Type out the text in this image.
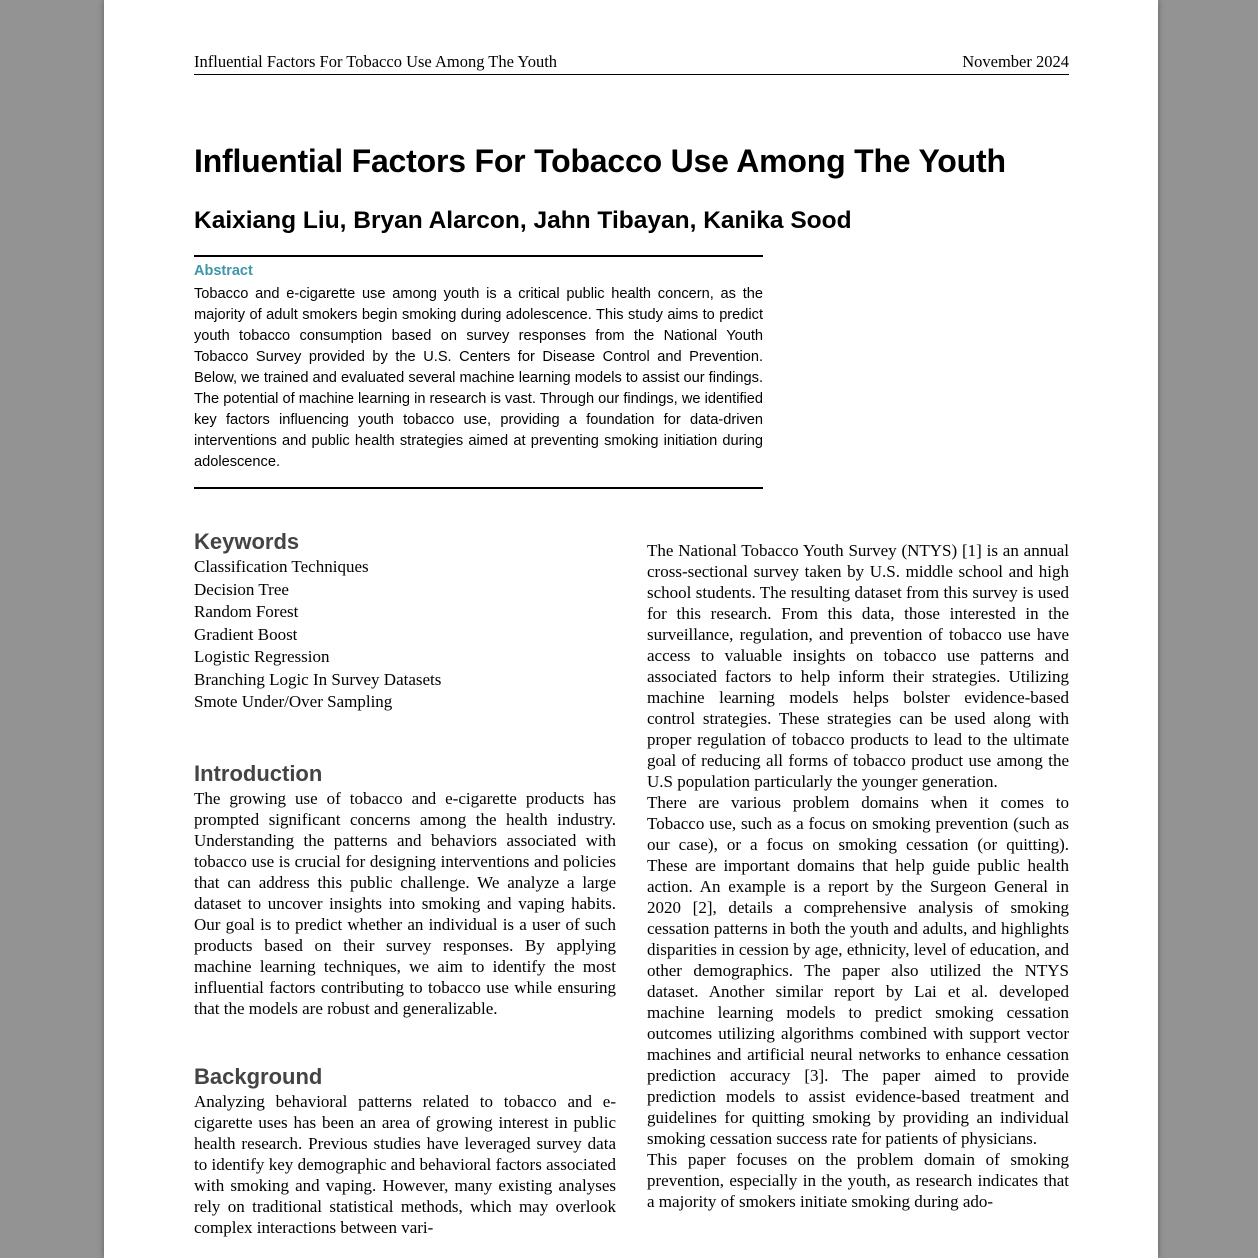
Influential Factors For Tobacco Use Among The Youth	November 2024
Influential Factors For Tobacco Use Among The Youth
Kaixiang Liu, Bryan Alarcon, Jahn Tibayan, Kanika Sood
Abstract

Tobacco and e-cigarette use among youth is a critical public health concern, as the majority of adult smokers begin smoking during adolescence. This study aims to predict youth tobacco consumption based on survey responses from the National Youth Tobacco Survey provided by the U.S. Centers for Disease Control and Prevention. Below, we trained and evaluated several machine learning models to assist our findings. The potential of machine learning in research is vast. Through our findings, we identified key factors influencing youth tobacco use, providing a foundation for data-driven interventions and public health strategies aimed at preventing smoking initiation during adolescence.

Keywords
Classification Techniques
Decision Tree
Random Forest
Gradient Boost
Logistic Regression
Branching Logic In Survey Datasets
Smote Under/Over Sampling
Introduction

The growing use of tobacco and e-cigarette products has prompted significant concerns among the health industry. Understanding the patterns and behaviors associated with tobacco use is crucial for designing interventions and policies that can address this public challenge. We analyze a large dataset to uncover insights into smoking and vaping habits. Our goal is to predict whether an individual is a user of such products based on their survey responses. By applying machine learning techniques, we aim to identify the most influential factors contributing to tobacco use while ensuring that the models are robust and generalizable.

Background

Analyzing behavioral patterns related to tobacco and e-cigarette uses has been an area of growing interest in public health research. Previous studies have leveraged survey data to identify key demographic and behavioral factors associated with smoking and vaping. However, many existing analyses rely on traditional statistical methods, which may overlook complex interactions between vari-

The National Tobacco Youth Survey (NTYS) [1] is an annual cross-sectional survey taken by U.S. middle school and high school students. The resulting dataset from this survey is used for this research. From this data, those interested in the surveillance, regulation, and prevention of tobacco use have access to valuable insights on tobacco use patterns and associated factors to help inform their strategies. Utilizing machine learning models helps bolster evidence-based control strategies. These strategies can be used along with proper regulation of tobacco products to lead to the ultimate goal of reducing all forms of tobacco product use among the U.S population particularly the younger generation.

There are various problem domains when it comes to Tobacco use, such as a focus on smoking prevention (such as our case), or a focus on smoking cessation (or quitting). These are important domains that help guide public health action. An example is a report by the Surgeon General in 2020 [2], details a comprehensive analysis of smoking cessation patterns in both the youth and adults, and highlights disparities in cession by age, ethnicity, level of education, and other demographics. The paper also utilized the NTYS dataset. Another similar report by Lai et al. developed machine learning models to predict smoking cessation outcomes utilizing algorithms combined with support vector machines and artificial neural networks to enhance cessation prediction accuracy [3]. The paper aimed to provide prediction models to assist evidence-based treatment and guidelines for quitting smoking by providing an individual smoking cessation success rate for patients of physicians.

This paper focuses on the problem domain of smoking prevention, especially in the youth, as research indicates that a majority of smokers initiate smoking during ado-
